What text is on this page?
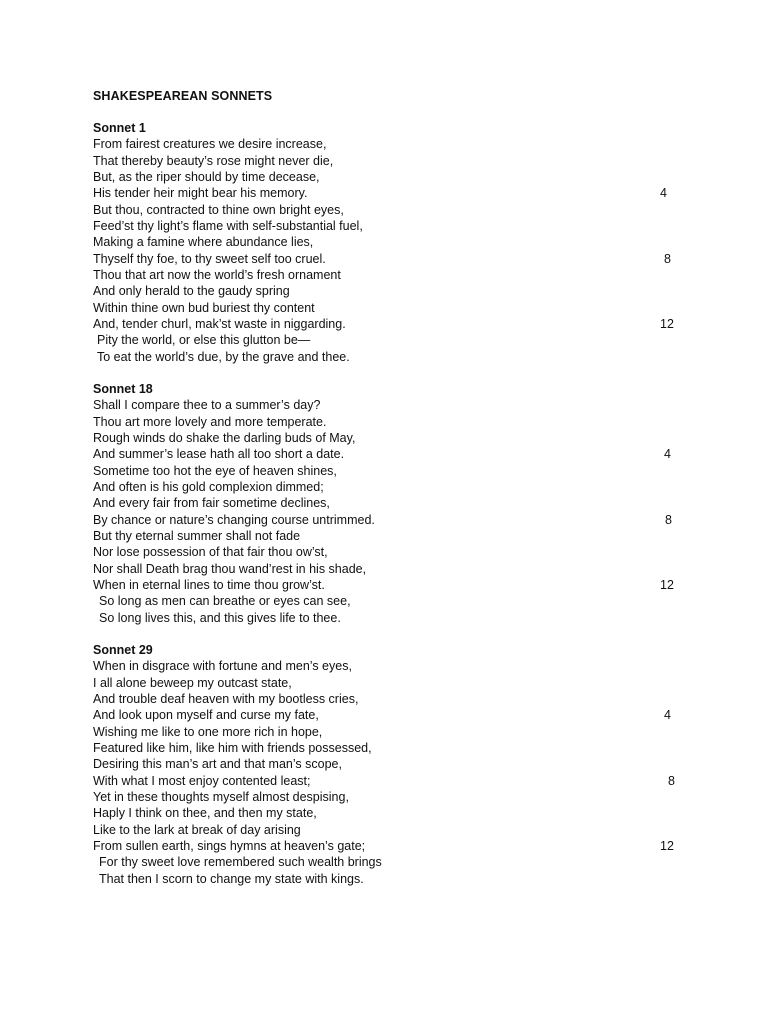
SHAKESPEAREAN SONNETS
Sonnet 1
From fairest creatures we desire increase,
That thereby beauty’s rose might never die,
But, as the riper should by time decease,
His tender heir might bear his memory.	4
But thou, contracted to thine own bright eyes,
Feed’st thy light’s flame with self-substantial fuel,
Making a famine where abundance lies,
Thyself thy foe, to thy sweet self too cruel.	8
Thou that art now the world’s fresh ornament
And only herald to the gaudy spring
Within thine own bud buriest thy content
And, tender churl, mak’st waste in niggarding.	12
Pity the world, or else this glutton be—
To eat the world’s due, by the grave and thee.
Sonnet 18
Shall I compare thee to a summer’s day?
Thou art more lovely and more temperate.
Rough winds do shake the darling buds of May,
And summer’s lease hath all too short a date.	4
Sometime too hot the eye of heaven shines,
And often is his gold complexion dimmed;
And every fair from fair sometime declines,
By chance or nature’s changing course untrimmed.	8
But thy eternal summer shall not fade
Nor lose possession of that fair thou ow’st,
Nor shall Death brag thou wand’rest in his shade,
When in eternal lines to time thou grow’st.	12
So long as men can breathe or eyes can see,
So long lives this, and this gives life to thee.
Sonnet 29
When in disgrace with fortune and men’s eyes,
I all alone beweep my outcast state,
And trouble deaf heaven with my bootless cries,
And look upon myself and curse my fate,	4
Wishing me like to one more rich in hope,
Featured like him, like him with friends possessed,
Desiring this man’s art and that man’s scope,
With what I most enjoy contented least;	8
Yet in these thoughts myself almost despising,
Haply I think on thee, and then my state,
Like to the lark at break of day arising
From sullen earth, sings hymns at heaven’s gate;	12
For thy sweet love remembered such wealth brings
That then I scorn to change my state with kings.
